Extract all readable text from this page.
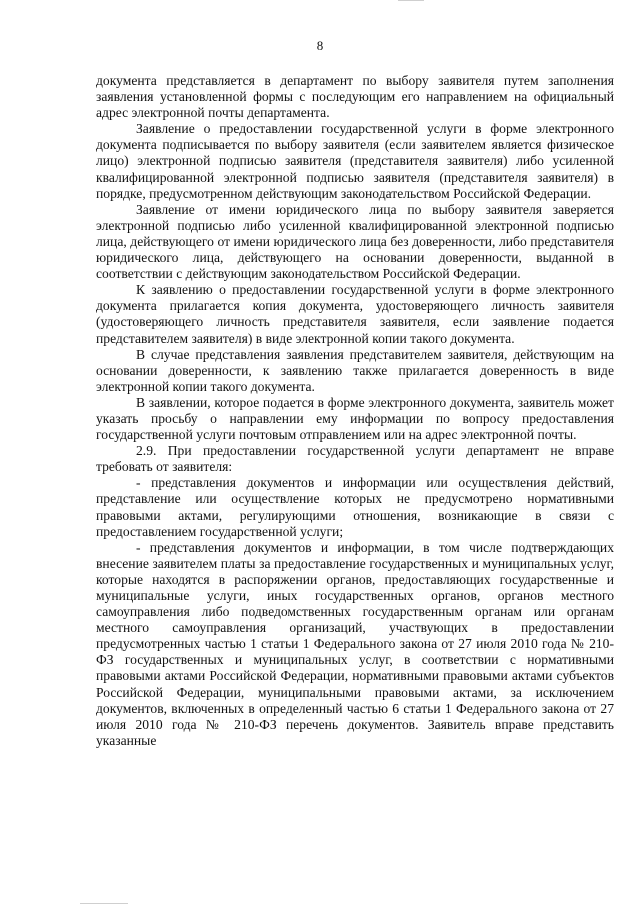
8

документа представляется в департамент по выбору заявителя путем заполнения заявления установленной формы с последующим его направлением на официальный адрес электронной почты департамента.

Заявление о предоставлении государственной услуги в форме электронного документа подписывается по выбору заявителя (если заявителем является физическое лицо) электронной подписью заявителя (представителя заявителя) либо усиленной квалифицированной электронной подписью заявителя (представителя заявителя) в порядке, предусмотренном действующим законодательством Российской Федерации.

Заявление от имени юридического лица по выбору заявителя заверяется электронной подписью либо усиленной квалифицированной электронной подписью лица, действующего от имени юридического лица без доверенности, либо представителя юридического лица, действующего на основании доверенности, выданной в соответствии с действующим законодательством Российской Федерации.

К заявлению о предоставлении государственной услуги в форме электронного документа прилагается копия документа, удостоверяющего личность заявителя (удостоверяющего личность представителя заявителя, если заявление подается представителем заявителя) в виде электронной копии такого документа.

В случае представления заявления представителем заявителя, действующим на основании доверенности, к заявлению также прилагается доверенность в виде электронной копии такого документа.

В заявлении, которое подается в форме электронного документа, заявитель может указать просьбу о направлении ему информации по вопросу предоставления государственной услуги почтовым отправлением или на адрес электронной почты.

2.9. При предоставлении государственной услуги департамент не вправе требовать от заявителя:

- представления документов и информации или осуществления действий, представление или осуществление которых не предусмотрено нормативными правовыми актами, регулирующими отношения, возникающие в связи с предоставлением государственной услуги;

- представления документов и информации, в том числе подтверждающих внесение заявителем платы за предоставление государственных и муниципальных услуг, которые находятся в распоряжении органов, предоставляющих государственные и муниципальные услуги, иных государственных органов, органов местного самоуправления либо подведомственных государственным органам или органам местного самоуправления организаций, участвующих в предоставлении предусмотренных частью 1 статьи 1 Федерального закона от 27 июля 2010 года № 210-ФЗ государственных и муниципальных услуг, в соответствии с нормативными правовыми актами Российской Федерации, нормативными правовыми актами субъектов Российской Федерации, муниципальными правовыми актами, за исключением документов, включенных в определенный частью 6 статьи 1 Федерального закона от 27 июля 2010 года № 210-ФЗ перечень документов. Заявитель вправе представить указанные
